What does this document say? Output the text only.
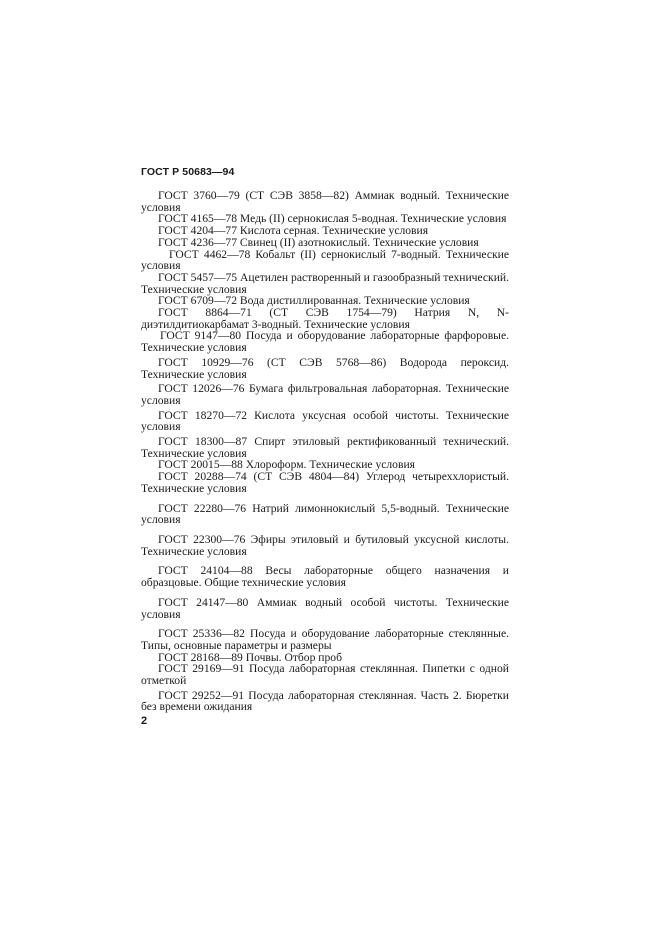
ГОСТ Р 50683—94

ГОСТ 3760—79 (СТ СЭВ 3858—82) Аммиак водный. Технические условия

ГОСТ 4165—78 Медь (II) сернокислая 5-водная. Технические условия

ГОСТ 4204—77 Кислота серная. Технические условия

ГОСТ 4236—77 Свинец (II) азотнокислый. Технические условия

ГОСТ 4462—78 Кобальт (II) сернокислый 7-водный. Технические условия

ГОСТ 5457—75 Ацетилен растворенный и газообразный технический. Технические условия

ГОСТ 6709—72 Вода дистиллированная. Технические условия

ГОСТ 8864—71 (СТ СЭВ 1754—79) Натрия N, N-диэтилдитиокарбамат 3-водный. Технические условия

ГОСТ 9147—80 Посуда и оборудование лабораторные фарфоровые. Технические условия

ГОСТ 10929—76 (СТ СЭВ 5768—86) Водорода пероксид. Технические условия

ГОСТ 12026—76 Бумага фильтровальная лабораторная. Технические условия

ГОСТ 18270—72 Кислота уксусная особой чистоты. Технические условия

ГОСТ 18300—87 Спирт этиловый ректификованный технический. Технические условия

ГОСТ 20015—88 Хлороформ. Технические условия

ГОСТ 20288—74 (СТ СЭВ 4804—84) Углерод четыреххлористый. Технические условия

ГОСТ 22280—76 Натрий лимоннокислый 5,5-водный. Технические условия

ГОСТ 22300—76 Эфиры этиловый и бутиловый уксусной кислоты. Технические условия

ГОСТ 24104—88 Весы лабораторные общего назначения и образцовые. Общие технические условия

ГОСТ 24147—80 Аммиак водный особой чистоты. Технические условия

ГОСТ 25336—82 Посуда и оборудование лабораторные стеклянные. Типы, основные параметры и размеры

ГОСТ 28168—89 Почвы. Отбор проб

ГОСТ 29169—91 Посуда лабораторная стеклянная. Пипетки с одной отметкой

ГОСТ 29252—91 Посуда лабораторная стеклянная. Часть 2. Бюретки без времени ожидания

2
